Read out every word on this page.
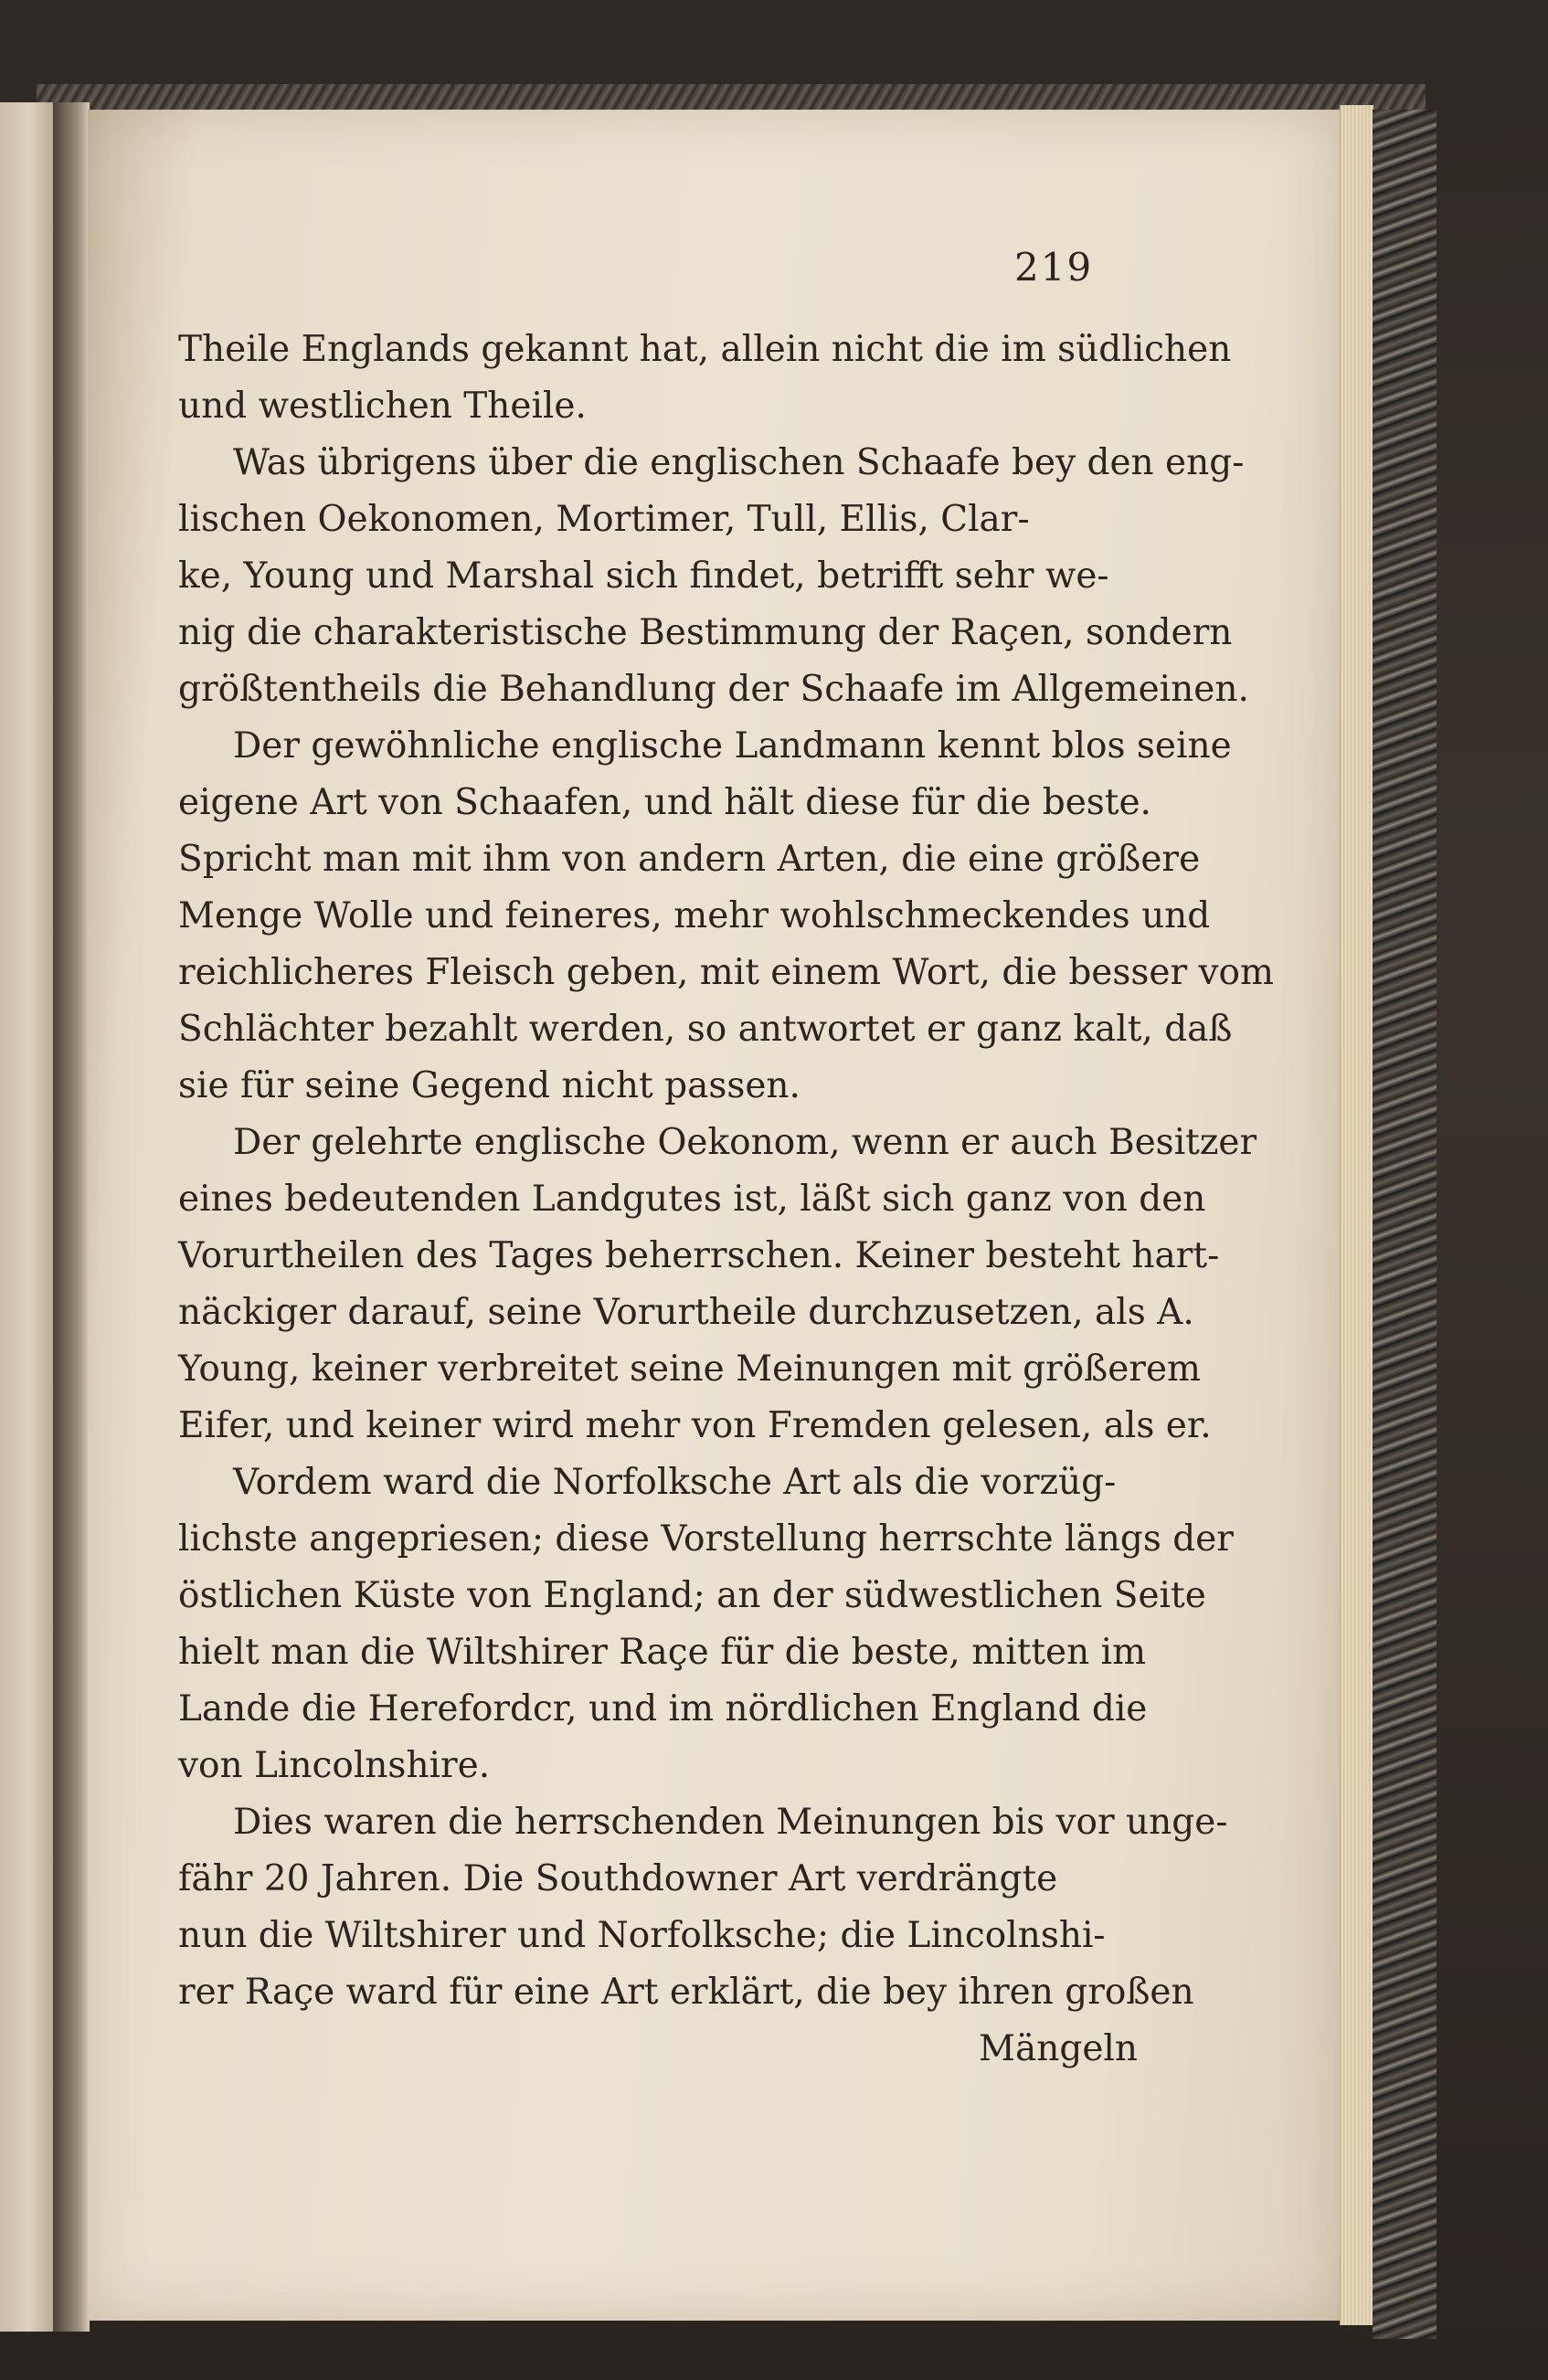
219
Theile Englands gekannt hat, allein nicht die im südlichen
und westlichen Theile.
Was übrigens über die englischen Schaafe bey den eng-
lischen Oekonomen, Mortimer, Tull, Ellis, Clar-
ke, Young und Marshal sich findet, betrifft sehr we-
nig die charakteristische Bestimmung der Raçen, sondern
größtentheils die Behandlung der Schaafe im Allgemeinen.
Der gewöhnliche englische Landmann kennt blos seine
eigene Art von Schaafen, und hält diese für die beste.
Spricht man mit ihm von andern Arten, die eine größere
Menge Wolle und feineres, mehr wohlschmeckendes und
reichlicheres Fleisch geben, mit einem Wort, die besser vom
Schlächter bezahlt werden, so antwortet er ganz kalt, daß
sie für seine Gegend nicht passen.
Der gelehrte englische Oekonom, wenn er auch Besitzer
eines bedeutenden Landgutes ist, läßt sich ganz von den
Vorurtheilen des Tages beherrschen. Keiner besteht hart-
näckiger darauf, seine Vorurtheile durchzusetzen, als A.
Young, keiner verbreitet seine Meinungen mit größerem
Eifer, und keiner wird mehr von Fremden gelesen, als er.
Vordem ward die Norfolksche Art als die vorzüg-
lichste angepriesen; diese Vorstellung herrschte längs der
östlichen Küste von England; an der südwestlichen Seite
hielt man die Wiltshirer Raçe für die beste, mitten im
Lande die Herefordcr, und im nördlichen England die
von Lincolnshire.
Dies waren die herrschenden Meinungen bis vor unge-
fähr 20 Jahren. Die Southdowner Art verdrängte
nun die Wiltshirer und Norfolksche; die Lincolnshi-
rer Raçe ward für eine Art erklärt, die bey ihren großen
Mängeln
